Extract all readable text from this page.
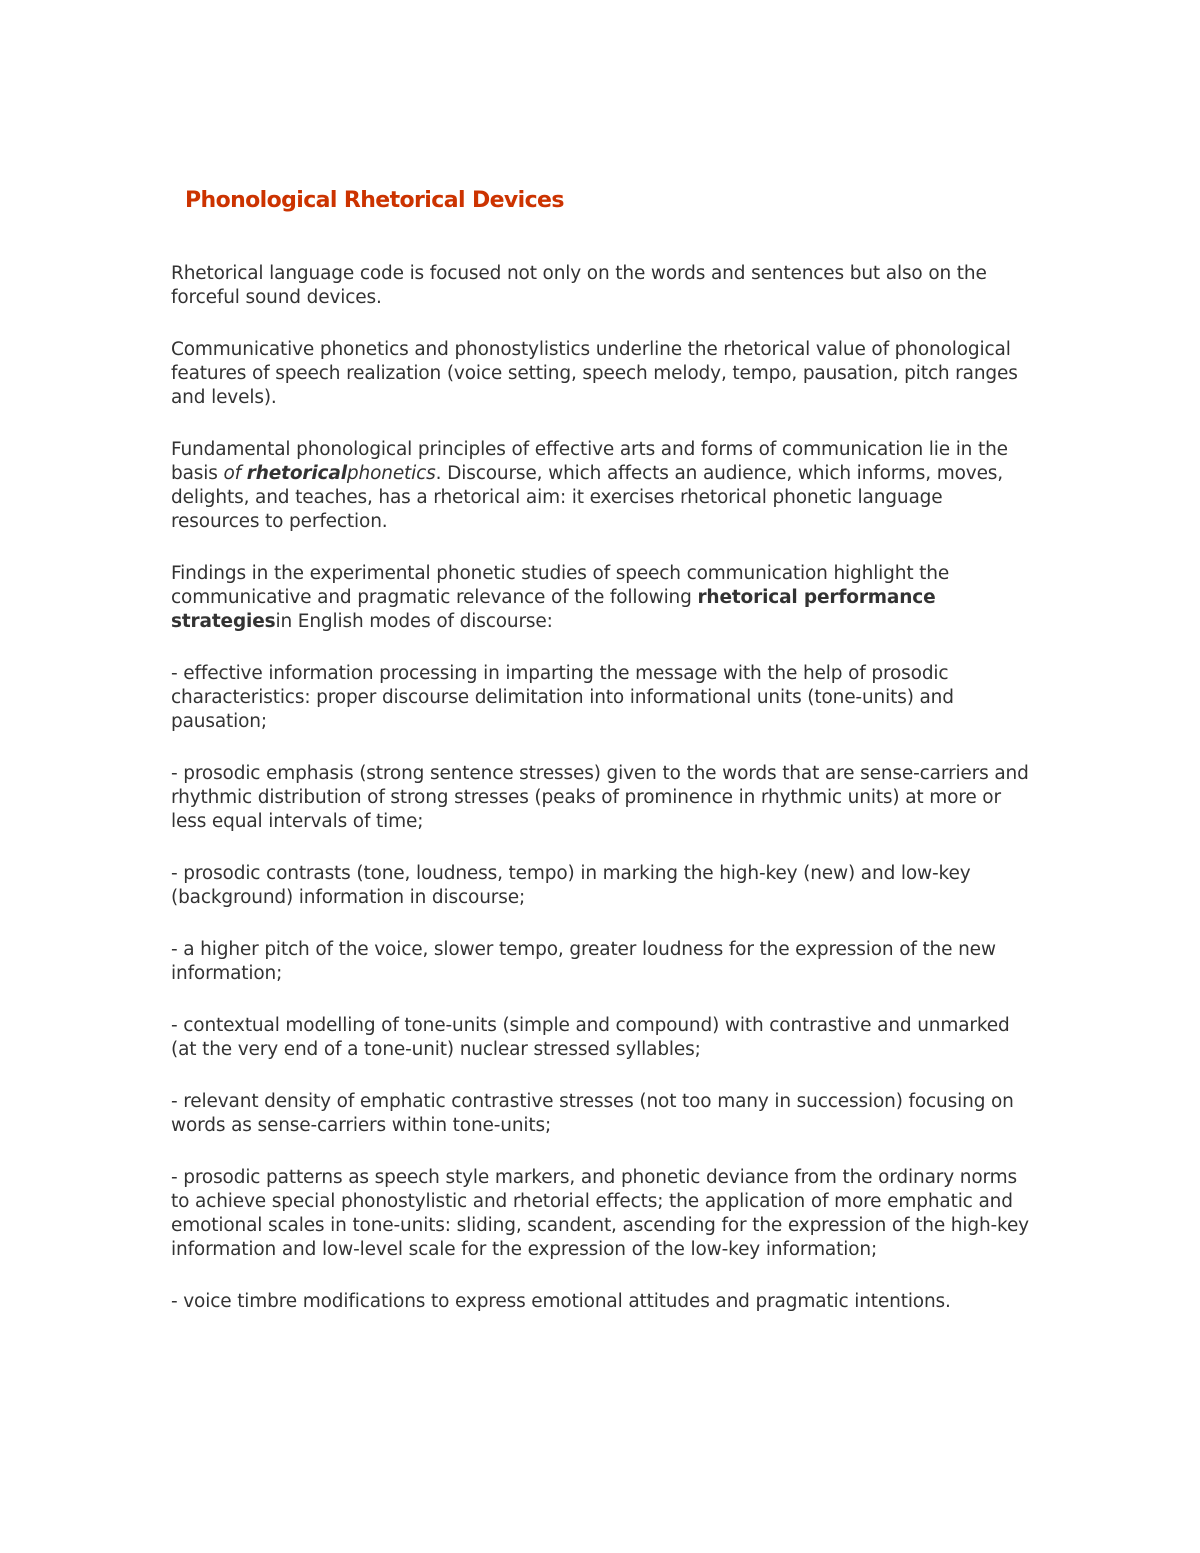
Phonological Rhetorical Devices

Rhetorical language code is focused not only on the words and sentences but also on the forceful sound devices.

Communicative phonetics and phonostylistics underline the rhetorical value of phonological features of speech realization (voice setting, speech melody, tempo, pausation, pitch ranges and levels).

Fundamental phonological principles of effective arts and forms of communication lie in the basis of rhetoricalphonetics. Discourse, which affects an audience, which informs, moves, delights, and teaches, has a rhetorical aim: it exercises rhetorical phonetic language resources to perfection.

Findings in the experimental phonetic studies of speech communication highlight the communicative and pragmatic relevance of the following rhetorical performance strategiesin English modes of discourse:

- effective information processing in imparting the message with the help of prosodic characteristics: proper discourse delimitation into informational units (tone-units) and pausation;

- prosodic emphasis (strong sentence stresses) given to the words that are sense-carriers and rhythmic distribution of strong stresses (peaks of prominence in rhythmic units) at more or less equal intervals of time;

- prosodic contrasts (tone, loudness, tempo) in marking the high-key (new) and low-key (background) information in discourse;

- a higher pitch of the voice, slower tempo, greater loudness for the expression of the new information;

- contextual modelling of tone-units (simple and compound) with contrastive and unmarked (at the very end of a tone-unit) nuclear stressed syllables;

- relevant density of emphatic contrastive stresses (not too many in succession) focusing on words as sense-carriers within tone-units;

- prosodic patterns as speech style markers, and phonetic deviance from the ordinary norms to achieve special phonostylistic and rhetorial effects; the application of more emphatic and emotional scales in tone-units: sliding, scandent, ascending for the expression of the high-key information and low-level scale for the expression of the low-key information;

- voice timbre modifications to express emotional attitudes and pragmatic intentions.
